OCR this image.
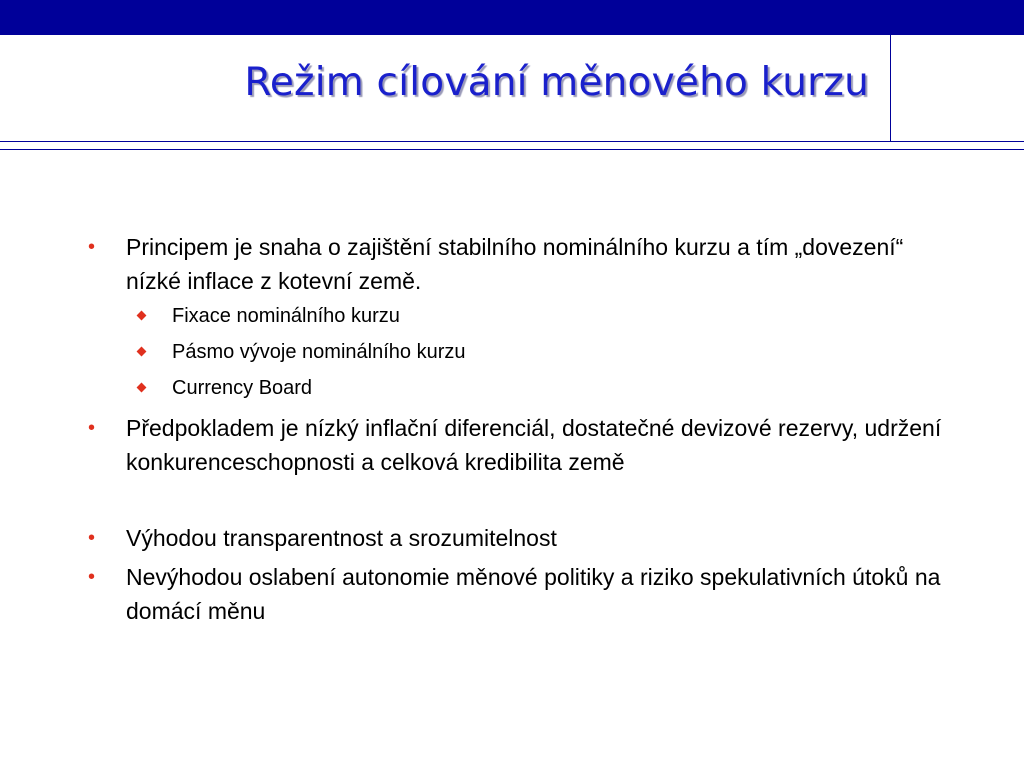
Režim cílování měnového kurzu
• Principem je snaha o zajištění stabilního nominálního kurzu a tím „dovezení“ nízké inflace z kotevní země.
Fixace nominálního kurzu
Pásmo vývoje nominálního kurzu
Currency Board
• Předpokladem je nízký inflační diferenciál, dostatečné devizové rezervy, udržení konkurenceschopnosti a celková kredibilita země
• Výhodou transparentnost a srozumitelnost
• Nevýhodou oslabení autonomie měnové politiky a riziko spekulativních útoků na domácí měnu
